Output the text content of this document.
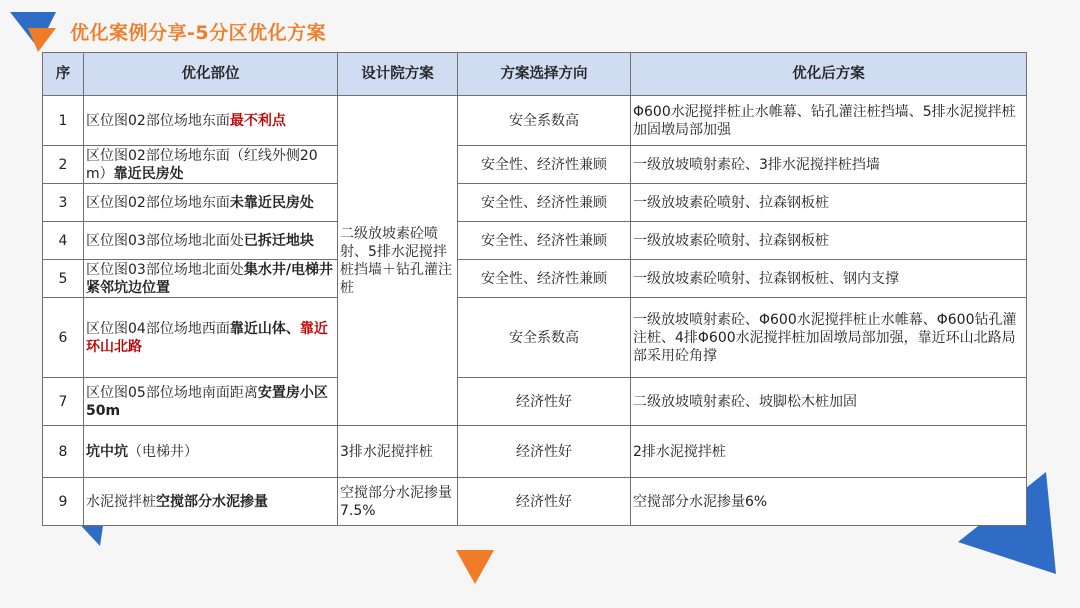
优化案例分享-5分区优化方案
序	优化部位	设计院方案	方案选择方向	优化后方案
1	区位图02部位场地东面最不利点	二级放坡素砼喷射、5排水泥搅拌桩挡墙＋钻孔灌注桩	安全系数高	Φ600水泥搅拌桩止水帷幕、钻孔灌注桩挡墙、5排水泥搅拌桩加固墩局部加强
2	区位图02部位场地东面（红线外侧20m）靠近民房处		安全性、经济性兼顾	一级放坡喷射素砼、3排水泥搅拌桩挡墙
3	区位图02部位场地东面未靠近民房处		安全性、经济性兼顾	一级放坡素砼喷射、拉森钢板桩
4	区位图03部位场地北面处已拆迁地块		安全性、经济性兼顾	一级放坡素砼喷射、拉森钢板桩
5	区位图03部位场地北面处集水井/电梯井紧邻坑边位置		安全性、经济性兼顾	一级放坡素砼喷射、拉森钢板桩、钢内支撑
6	区位图04部位场地西面靠近山体、靠近环山北路		安全系数高	一级放坡喷射素砼、Φ600水泥搅拌桩止水帷幕、Φ600钻孔灌注桩、4排Φ600水泥搅拌桩加固墩局部加强，靠近环山北路局部采用砼角撑
7	区位图05部位场地南面距离安置房小区50m		经济性好	二级放坡喷射素砼、坡脚松木桩加固
8	坑中坑（电梯井）	3排水泥搅拌桩	经济性好	2排水泥搅拌桩
9	水泥搅拌桩空搅部分水泥掺量	空搅部分水泥掺量7.5%	经济性好	空搅部分水泥掺量6%
